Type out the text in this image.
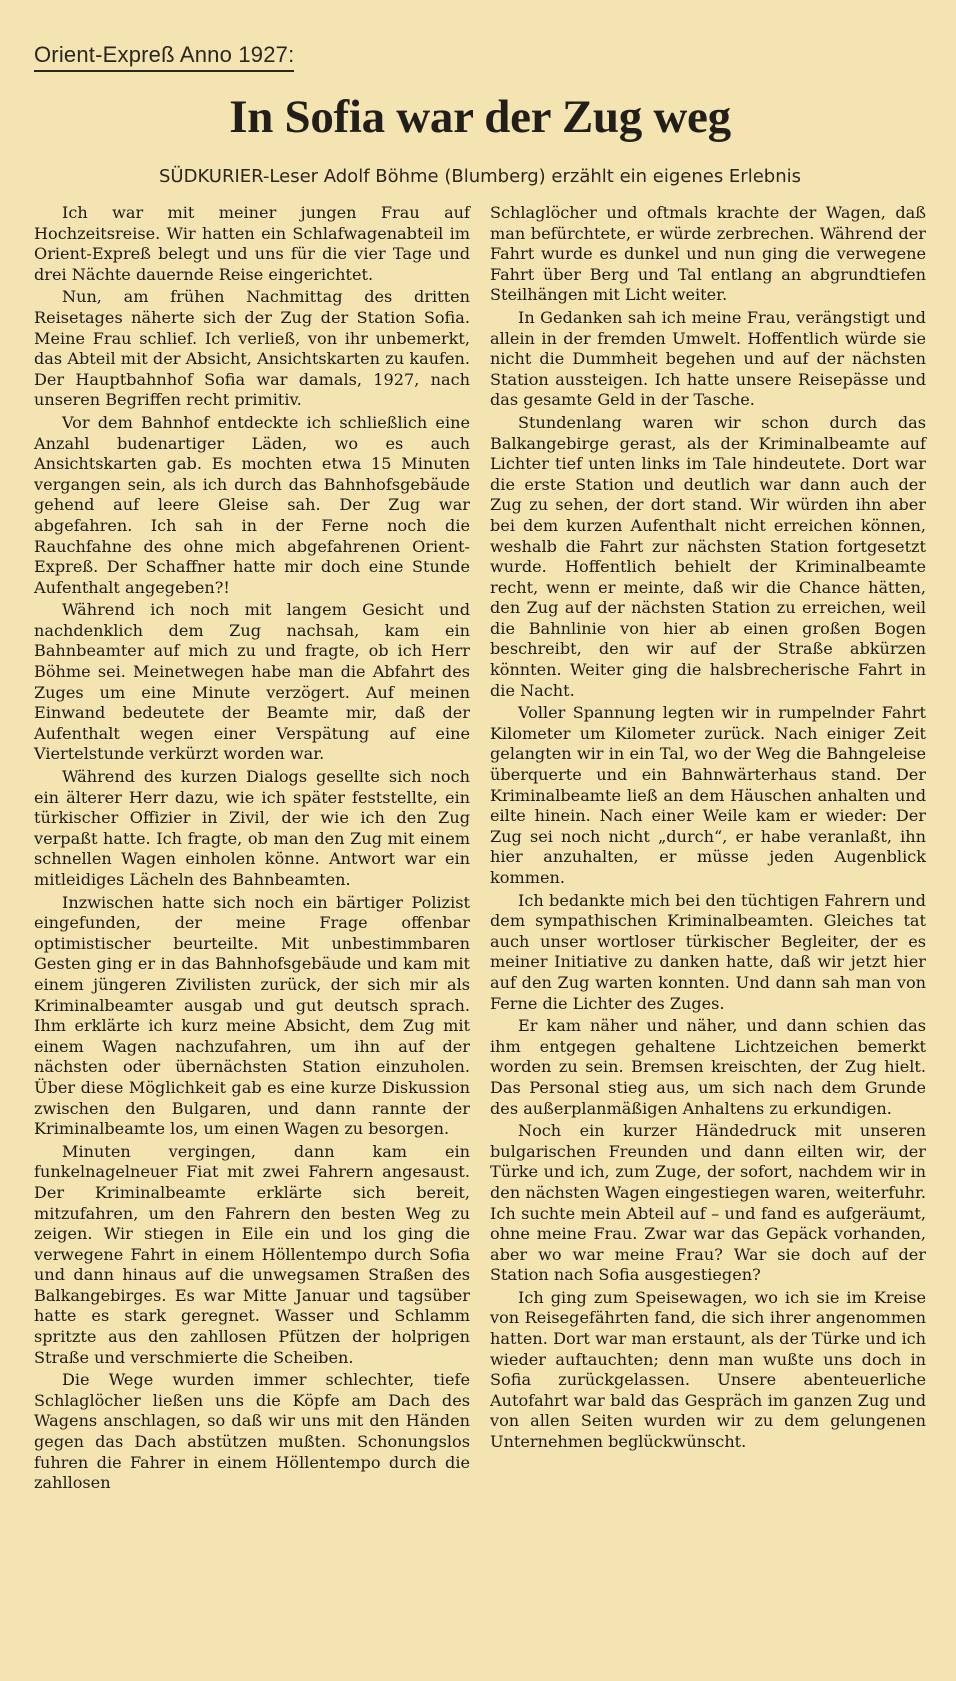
Orient-Expreß Anno 1927:
In Sofia war der Zug weg
SÜDKURIER-Leser Adolf Böhme (Blumberg) erzählt ein eigenes Erlebnis

Ich war mit meiner jungen Frau auf Hochzeitsreise. Wir hatten ein Schlafwagenabteil im Orient-Expreß belegt und uns für die vier Tage und drei Nächte dauernde Reise eingerichtet.

Nun, am frühen Nachmittag des dritten Reisetages näherte sich der Zug der Station Sofia. Meine Frau schlief. Ich verließ, von ihr unbemerkt, das Abteil mit der Absicht, Ansichtskarten zu kaufen. Der Hauptbahnhof Sofia war damals, 1927, nach unseren Begriffen recht primitiv.

Vor dem Bahnhof entdeckte ich schließlich eine Anzahl budenartiger Läden, wo es auch Ansichtskarten gab. Es mochten etwa 15 Minuten vergangen sein, als ich durch das Bahnhofsgebäude gehend auf leere Gleise sah. Der Zug war abgefahren. Ich sah in der Ferne noch die Rauchfahne des ohne mich abgefahrenen Orient-Expreß. Der Schaffner hatte mir doch eine Stunde Aufenthalt angegeben?!

Während ich noch mit langem Gesicht und nachdenklich dem Zug nachsah, kam ein Bahnbeamter auf mich zu und fragte, ob ich Herr Böhme sei. Meinetwegen habe man die Abfahrt des Zuges um eine Minute verzögert. Auf meinen Einwand bedeutete der Beamte mir, daß der Aufenthalt wegen einer Verspätung auf eine Viertelstunde verkürzt worden war.

Während des kurzen Dialogs gesellte sich noch ein älterer Herr dazu, wie ich später feststellte, ein türkischer Offizier in Zivil, der wie ich den Zug verpaßt hatte. Ich fragte, ob man den Zug mit einem schnellen Wagen einholen könne. Antwort war ein mitleidiges Lächeln des Bahnbeamten.

Inzwischen hatte sich noch ein bärtiger Polizist eingefunden, der meine Frage offenbar optimistischer beurteilte. Mit unbestimmbaren Gesten ging er in das Bahnhofsgebäude und kam mit einem jüngeren Zivilisten zurück, der sich mir als Kriminalbeamter ausgab und gut deutsch sprach. Ihm erklärte ich kurz meine Absicht, dem Zug mit einem Wagen nachzufahren, um ihn auf der nächsten oder übernächsten Station einzuholen. Über diese Möglichkeit gab es eine kurze Diskussion zwischen den Bulgaren, und dann rannte der Kriminalbeamte los, um einen Wagen zu besorgen.

Minuten vergingen, dann kam ein funkelnagelneuer Fiat mit zwei Fahrern angesaust. Der Kriminalbeamte erklärte sich bereit, mitzufahren, um den Fahrern den besten Weg zu zeigen. Wir stiegen in Eile ein und los ging die verwegene Fahrt in einem Höllentempo durch Sofia und dann hinaus auf die unwegsamen Straßen des Balkangebirges. Es war Mitte Januar und tagsüber hatte es stark geregnet. Wasser und Schlamm spritzte aus den zahllosen Pfützen der holprigen Straße und verschmierte die Scheiben.

Die Wege wurden immer schlechter, tiefe Schlaglöcher ließen uns die Köpfe am Dach des Wagens anschlagen, so daß wir uns mit den Händen gegen das Dach abstützen mußten. Schonungslos fuhren die Fahrer in einem Höllentempo durch die zahllosen

Schlaglöcher und oftmals krachte der Wagen, daß man befürchtete, er würde zerbrechen. Während der Fahrt wurde es dunkel und nun ging die verwegene Fahrt über Berg und Tal entlang an abgrundtiefen Steilhängen mit Licht weiter.

In Gedanken sah ich meine Frau, verängstigt und allein in der fremden Umwelt. Hoffentlich würde sie nicht die Dummheit begehen und auf der nächsten Station aussteigen. Ich hatte unsere Reisepässe und das gesamte Geld in der Tasche.

Stundenlang waren wir schon durch das Balkangebirge gerast, als der Kriminalbeamte auf Lichter tief unten links im Tale hindeutete. Dort war die erste Station und deutlich war dann auch der Zug zu sehen, der dort stand. Wir würden ihn aber bei dem kurzen Aufenthalt nicht erreichen können, weshalb die Fahrt zur nächsten Station fortgesetzt wurde. Hoffentlich behielt der Kriminalbeamte recht, wenn er meinte, daß wir die Chance hätten, den Zug auf der nächsten Station zu erreichen, weil die Bahnlinie von hier ab einen großen Bogen beschreibt, den wir auf der Straße abkürzen könnten. Weiter ging die halsbrecherische Fahrt in die Nacht.

Voller Spannung legten wir in rumpelnder Fahrt Kilometer um Kilometer zurück. Nach einiger Zeit gelangten wir in ein Tal, wo der Weg die Bahngeleise überquerte und ein Bahnwärterhaus stand. Der Kriminalbeamte ließ an dem Häuschen anhalten und eilte hinein. Nach einer Weile kam er wieder: Der Zug sei noch nicht „durch“, er habe veranlaßt, ihn hier anzuhalten, er müsse jeden Augenblick kommen.

Ich bedankte mich bei den tüchtigen Fahrern und dem sympathischen Kriminalbeamten. Gleiches tat auch unser wortloser türkischer Begleiter, der es meiner Initiative zu danken hatte, daß wir jetzt hier auf den Zug warten konnten. Und dann sah man von Ferne die Lichter des Zuges.

Er kam näher und näher, und dann schien das ihm entgegen gehaltene Lichtzeichen bemerkt worden zu sein. Bremsen kreischten, der Zug hielt. Das Personal stieg aus, um sich nach dem Grunde des außerplanmäßigen Anhaltens zu erkundigen.

Noch ein kurzer Händedruck mit unseren bulgarischen Freunden und dann eilten wir, der Türke und ich, zum Zuge, der sofort, nachdem wir in den nächsten Wagen eingestiegen waren, weiterfuhr. Ich suchte mein Abteil auf – und fand es aufgeräumt, ohne meine Frau. Zwar war das Gepäck vorhanden, aber wo war meine Frau? War sie doch auf der Station nach Sofia ausgestiegen?

Ich ging zum Speisewagen, wo ich sie im Kreise von Reisegefährten fand, die sich ihrer angenommen hatten. Dort war man erstaunt, als der Türke und ich wieder auftauchten; denn man wußte uns doch in Sofia zurückgelassen. Unsere abenteuerliche Autofahrt war bald das Gespräch im ganzen Zug und von allen Seiten wurden wir zu dem gelungenen Unternehmen beglückwünscht.
